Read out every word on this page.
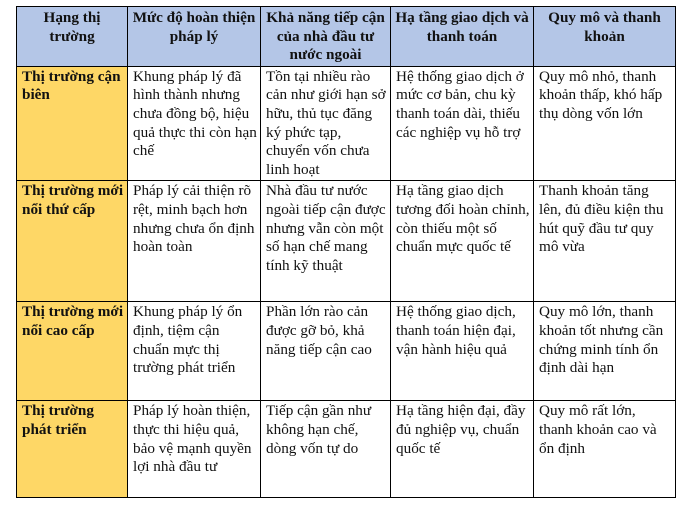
Hạng thị trường	Mức độ hoàn thiện pháp lý	Khả năng tiếp cận của nhà đầu tư nước ngoài	Hạ tầng giao dịch và thanh toán	Quy mô và thanh khoản

Thị trường cận biên	Khung pháp lý đã hình thành nhưng chưa đồng bộ, hiệu quả thực thi còn hạn chế	Tồn tại nhiều rào cản như giới hạn sở hữu, thủ tục đăng ký phức tạp, chuyển vốn chưa linh hoạt	Hệ thống giao dịch ở mức cơ bản, chu kỳ thanh toán dài, thiếu các nghiệp vụ hỗ trợ	Quy mô nhỏ, thanh khoản thấp, khó hấp thụ dòng vốn lớn

Thị trường mới nổi thứ cấp	Pháp lý cải thiện rõ rệt, minh bạch hơn nhưng chưa ổn định hoàn toàn	Nhà đầu tư nước ngoài tiếp cận được nhưng vẫn còn một số hạn chế mang tính kỹ thuật	Hạ tầng giao dịch tương đối hoàn chỉnh, còn thiếu một số chuẩn mực quốc tế	Thanh khoản tăng lên, đủ điều kiện thu hút quỹ đầu tư quy mô vừa

Thị trường mới nổi cao cấp	Khung pháp lý ổn định, tiệm cận chuẩn mực thị trường phát triển	Phần lớn rào cản được gỡ bỏ, khả năng tiếp cận cao	Hệ thống giao dịch, thanh toán hiện đại, vận hành hiệu quả	Quy mô lớn, thanh khoản tốt nhưng cần chứng minh tính ổn định dài hạn

Thị trường phát triển	Pháp lý hoàn thiện, thực thi hiệu quả, bảo vệ mạnh quyền lợi nhà đầu tư	Tiếp cận gần như không hạn chế, dòng vốn tự do	Hạ tầng hiện đại, đầy đủ nghiệp vụ, chuẩn quốc tế	Quy mô rất lớn, thanh khoản cao và ổn định
